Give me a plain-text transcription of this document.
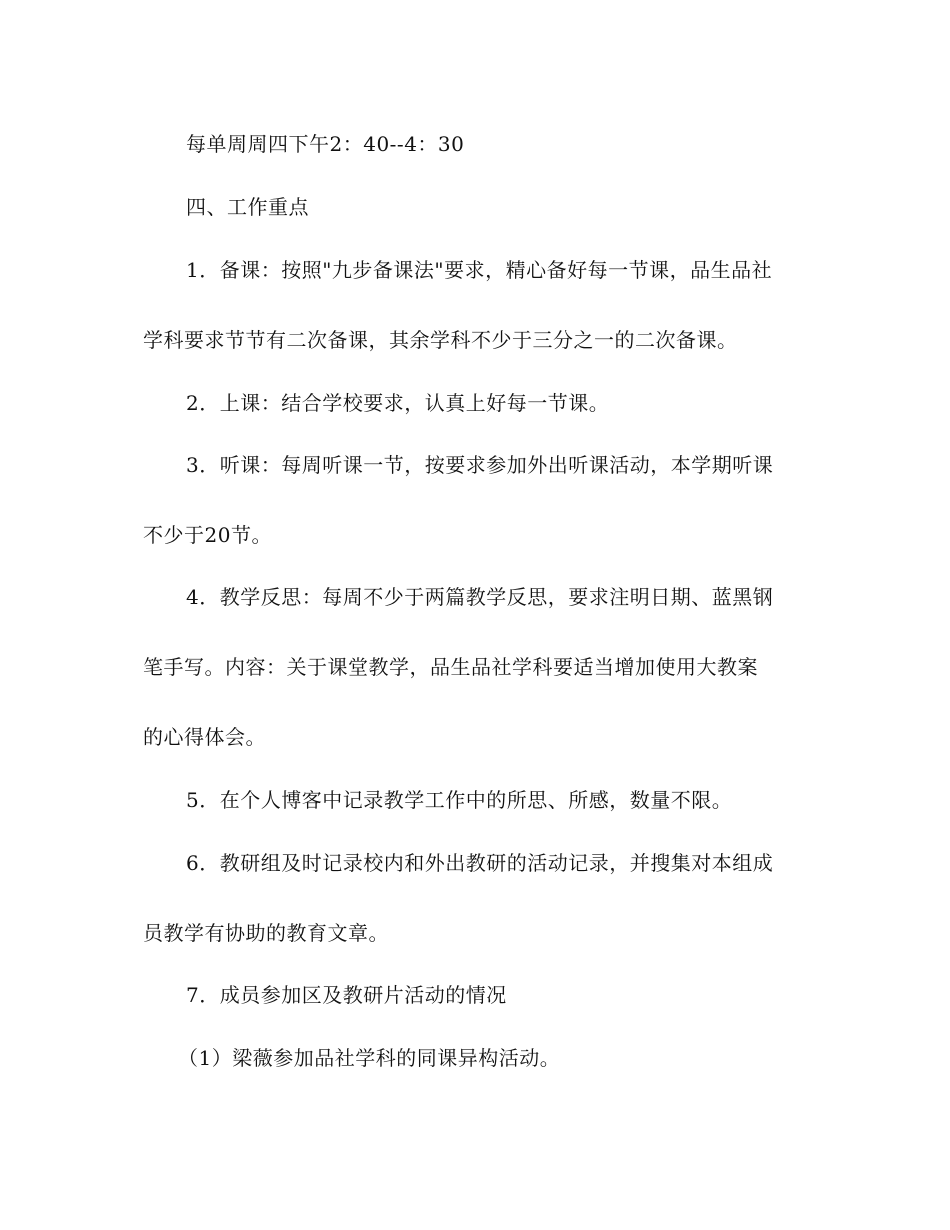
每单周周四下午2：40--4：30
四、工作重点
1．备课：按照"九步备课法"要求，精心备好每一节课，品生品社
学科要求节节有二次备课，其余学科不少于三分之一的二次备课。
2．上课：结合学校要求，认真上好每一节课。
3．听课：每周听课一节，按要求参加外出听课活动，本学期听课
不少于20节。
4．教学反思：每周不少于两篇教学反思，要求注明日期、蓝黑钢
笔手写。内容：关于课堂教学，品生品社学科要适当增加使用大教案
的心得体会。
5．在个人博客中记录教学工作中的所思、所感，数量不限。
6．教研组及时记录校内和外出教研的活动记录，并搜集对本组成
员教学有协助的教育文章。
7．成员参加区及教研片活动的情况
（1）梁薇参加品社学科的同课异构活动。
